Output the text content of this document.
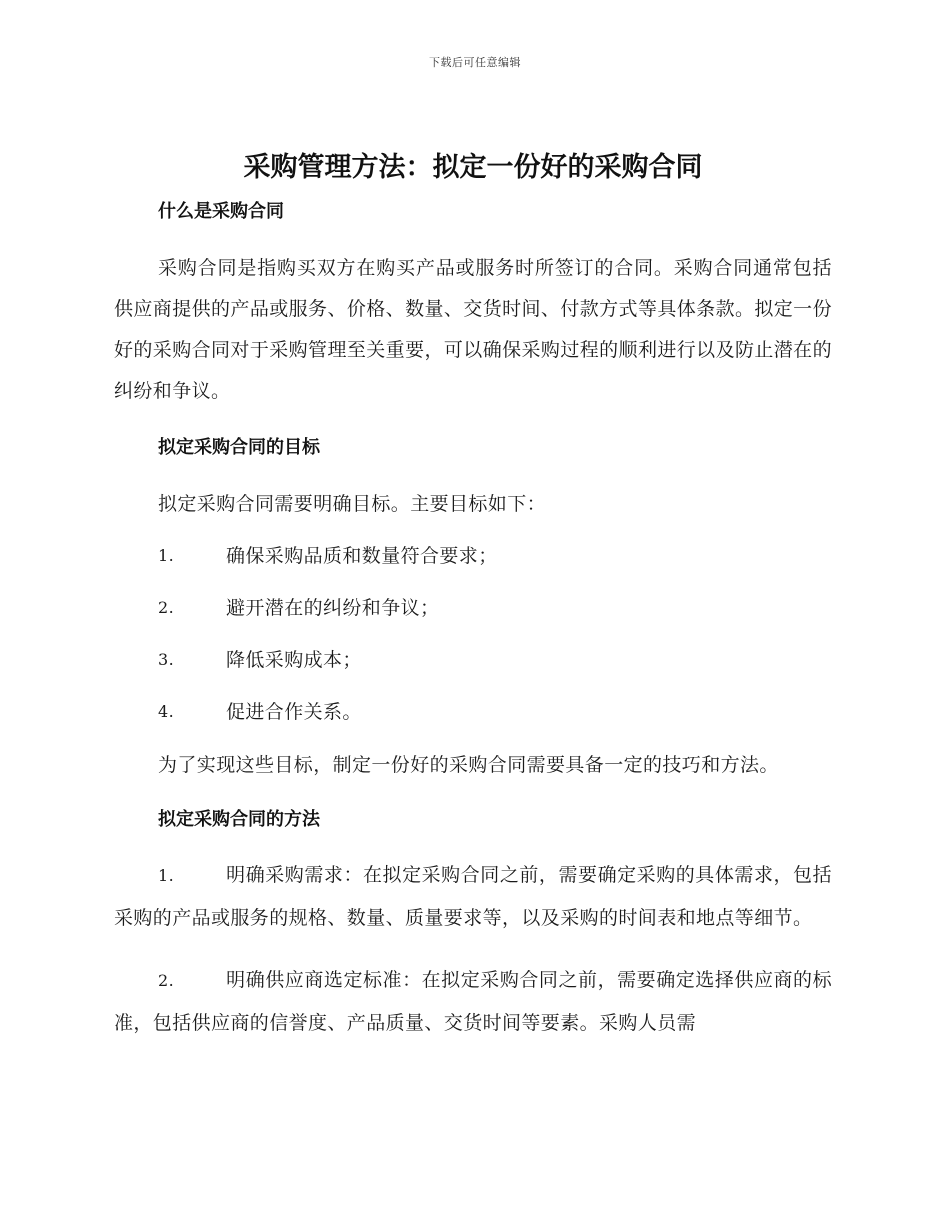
下载后可任意编辑
采购管理方法：拟定一份好的采购合同
什么是采购合同

采购合同是指购买双方在购买产品或服务时所签订的合同。采购合同通常包括供应商提供的产品或服务、价格、数量、交货时间、付款方式等具体条款。拟定一份好的采购合同对于采购管理至关重要，可以确保采购过程的顺利进行以及防止潜在的纠纷和争议。

拟定采购合同的目标

拟定采购合同需要明确目标。主要目标如下：

1.	确保采购品质和数量符合要求；
2.	避开潜在的纠纷和争议；
3.	降低采购成本；
4.	促进合作关系。

为了实现这些目标，制定一份好的采购合同需要具备一定的技巧和方法。

拟定采购合同的方法

1.	明确采购需求：在拟定采购合同之前，需要确定采购的具体需求，包括采购的产品或服务的规格、数量、质量要求等，以及采购的时间表和地点等细节。

2.	明确供应商选定标准：在拟定采购合同之前，需要确定选择供应商的标准，包括供应商的信誉度、产品质量、交货时间等要素。采购人员需
